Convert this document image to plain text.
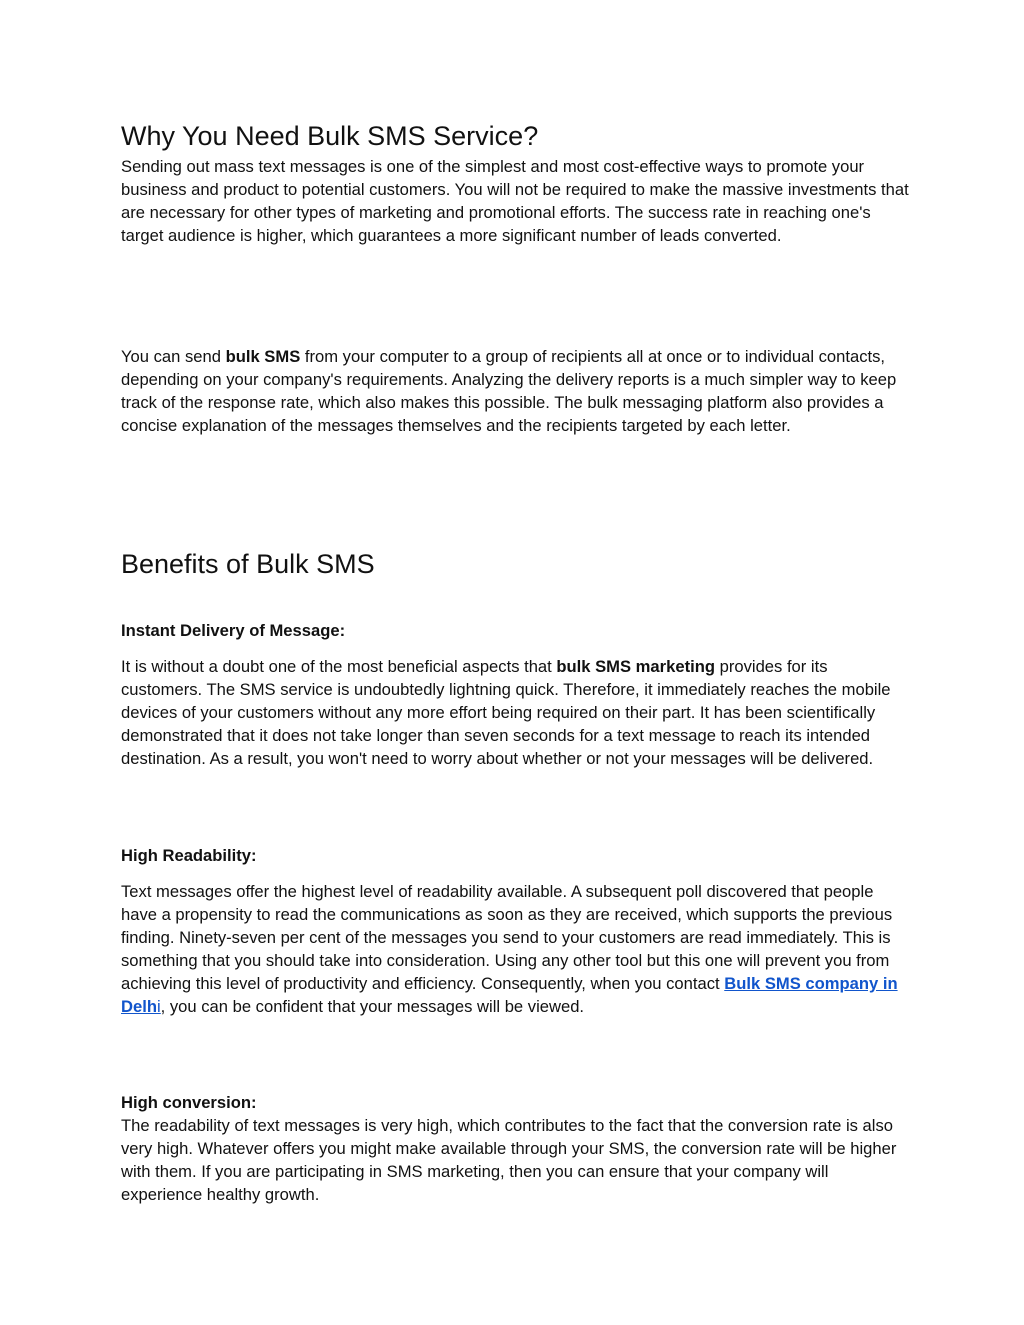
Why You Need Bulk SMS Service?

Sending out mass text messages is one of the simplest and most cost-effective ways to promote your business and product to potential customers. You will not be required to make the massive investments that are necessary for other types of marketing and promotional efforts. The success rate in reaching one's target audience is higher, which guarantees a more significant number of leads converted.

You can send bulk SMS from your computer to a group of recipients all at once or to individual contacts, depending on your company's requirements. Analyzing the delivery reports is a much simpler way to keep track of the response rate, which also makes this possible. The bulk messaging platform also provides a concise explanation of the messages themselves and the recipients targeted by each letter.

Benefits of Bulk SMS

Instant Delivery of Message:

It is without a doubt one of the most beneficial aspects that bulk SMS marketing provides for its customers. The SMS service is undoubtedly lightning quick. Therefore, it immediately reaches the mobile devices of your customers without any more effort being required on their part. It has been scientifically demonstrated that it does not take longer than seven seconds for a text message to reach its intended destination. As a result, you won't need to worry about whether or not your messages will be delivered.

High Readability:

Text messages offer the highest level of readability available. A subsequent poll discovered that people have a propensity to read the communications as soon as they are received, which supports the previous finding. Ninety-seven per cent of the messages you send to your customers are read immediately. This is something that you should take into consideration. Using any other tool but this one will prevent you from achieving this level of productivity and efficiency. Consequently, when you contact Bulk SMS company in Delhi, you can be confident that your messages will be viewed.

High conversion:

The readability of text messages is very high, which contributes to the fact that the conversion rate is also very high. Whatever offers you might make available through your SMS, the conversion rate will be higher with them. If you are participating in SMS marketing, then you can ensure that your company will experience healthy growth.
